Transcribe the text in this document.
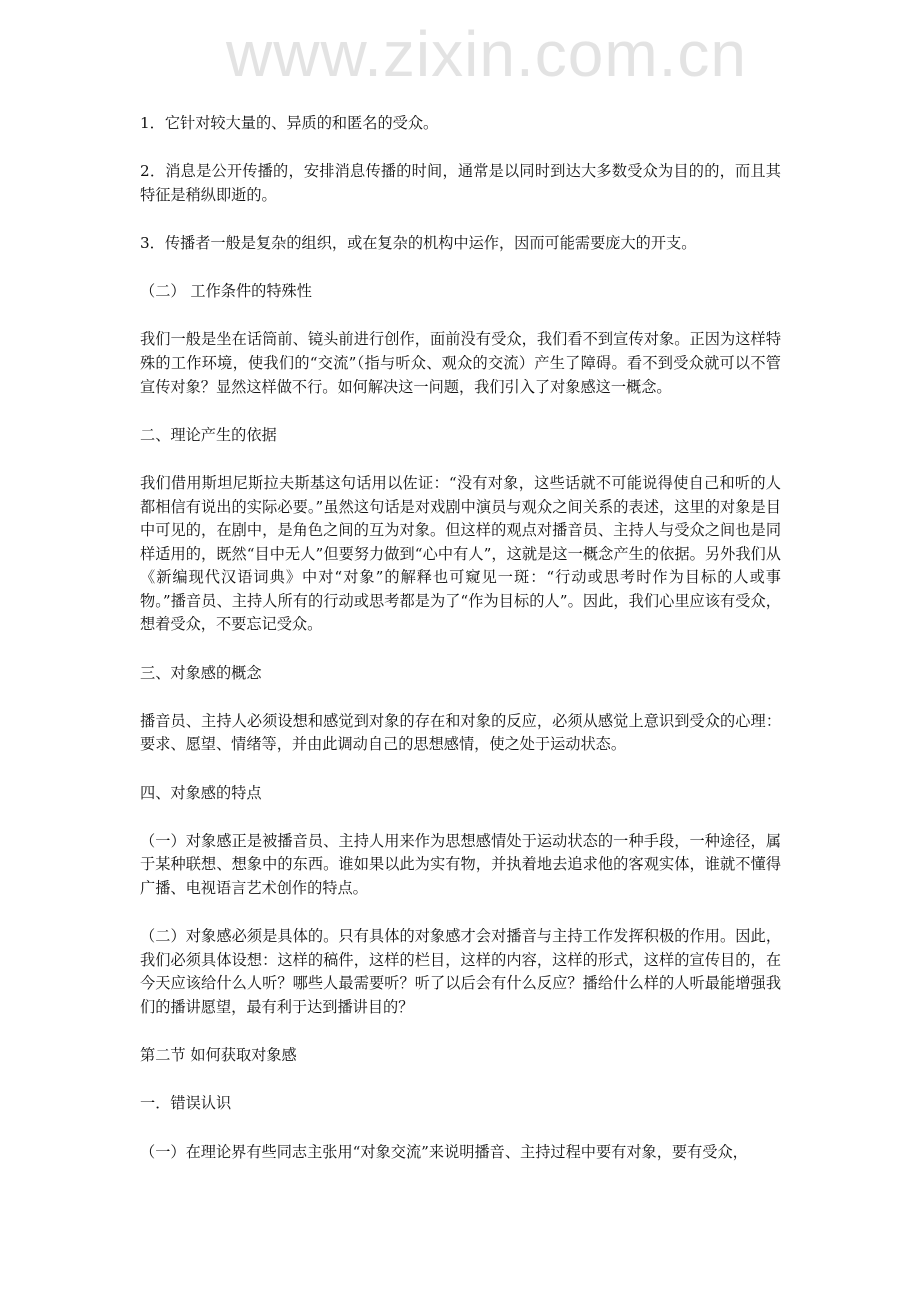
www.zixin.com.cn

1．它针对较大量的、异质的和匿名的受众。

2．消息是公开传播的，安排消息传播的时间，通常是以同时到达大多数受众为目的的，而且其特征是稍纵即逝的。

3．传播者一般是复杂的组织，或在复杂的机构中运作，因而可能需要庞大的开支。

（二） 工作条件的特殊性

我们一般是坐在话筒前、镜头前进行创作，面前没有受众，我们看不到宣传对象。正因为这样特殊的工作环境，使我们的“交流”（指与听众、观众的交流）产生了障碍。看不到受众就可以不管宣传对象？显然这样做不行。如何解决这一问题，我们引入了对象感这一概念。

二、理论产生的依据

我们借用斯坦尼斯拉夫斯基这句话用以佐证：“没有对象，这些话就不可能说得使自己和听的人都相信有说出的实际必要。”虽然这句话是对戏剧中演员与观众之间关系的表述，这里的对象是目中可见的，在剧中，是角色之间的互为对象。但这样的观点对播音员、主持人与受众之间也是同样适用的，既然“目中无人”但要努力做到“心中有人”，这就是这一概念产生的依据。另外我们从《新编现代汉语词典》中对“对象”的解释也可窥见一斑：“行动或思考时作为目标的人或事物。”播音员、主持人所有的行动或思考都是为了“作为目标的人”。因此，我们心里应该有受众，想着受众，不要忘记受众。

三、对象感的概念

播音员、主持人必须设想和感觉到对象的存在和对象的反应，必须从感觉上意识到受众的心理：要求、愿望、情绪等，并由此调动自己的思想感情，使之处于运动状态。

四、对象感的特点

（一）对象感正是被播音员、主持人用来作为思想感情处于运动状态的一种手段，一种途径，属于某种联想、想象中的东西。谁如果以此为实有物，并执着地去追求他的客观实体，谁就不懂得广播、电视语言艺术创作的特点。

（二）对象感必须是具体的。只有具体的对象感才会对播音与主持工作发挥积极的作用。因此，我们必须具体设想：这样的稿件，这样的栏目，这样的内容，这样的形式，这样的宣传目的，在今天应该给什么人听？哪些人最需要听？听了以后会有什么反应？播给什么样的人听最能增强我们的播讲愿望，最有利于达到播讲目的？

第二节 如何获取对象感

一．错误认识

（一）在理论界有些同志主张用“对象交流”来说明播音、主持过程中要有对象，要有受众，
